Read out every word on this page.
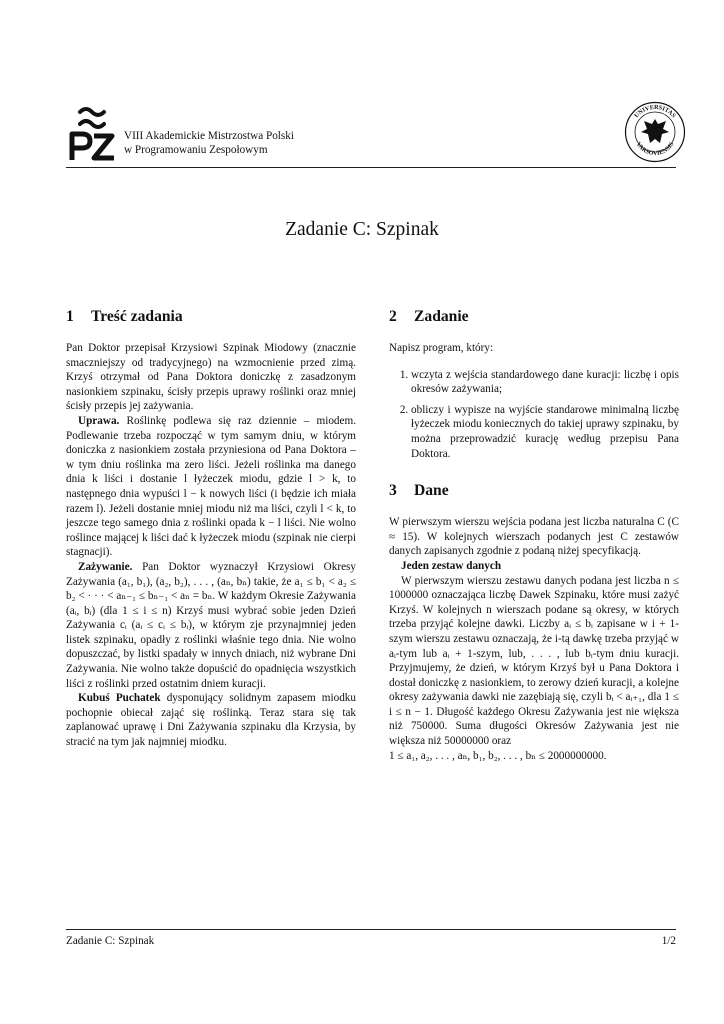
VIII Akademickie Mistrzostwa Polski
w Programowaniu Zespołowym
UNIVERSITAS
VARSOVIENSIS
Zadanie C: Szpinak
1 Treść zadania

Pan Doktor przepisał Krzysiowi Szpinak Miodowy (znacznie smaczniejszy od tradycyjnego) na wzmocnienie przed zimą. Krzyś otrzymał od Pana Doktora doniczkę z zasadzonym nasionkiem szpinaku, ścisły przepis uprawy roślinki oraz mniej ścisły przepis jej zażywania.

Uprawa. Roślinkę podlewa się raz dziennie – miodem. Podlewanie trzeba rozpocząć w tym samym dniu, w którym doniczka z nasionkiem została przyniesiona od Pana Doktora – w tym dniu roślinka ma zero liści. Jeżeli roślinka ma danego dnia k liści i dostanie l łyżeczek miodu, gdzie l > k, to następnego dnia wypuści l − k nowych liści (i będzie ich miała razem l). Jeżeli dostanie mniej miodu niż ma liści, czyli l < k, to jeszcze tego samego dnia z roślinki opada k − l liści. Nie wolno roślince mającej k liści dać k łyżeczek miodu (szpinak nie cierpi stagnacji).

Zażywanie. Pan Doktor wyznaczył Krzysiowi Okresy Zażywania (a₁, b₁), (a₂, b₂), . . . , (aₙ, bₙ) takie, że a₁ ≤ b₁ < a₂ ≤ b₂ < · · · < aₙ₋₁ ≤ bₙ₋₁ < aₙ = bₙ. W każdym Okresie Zażywania (aᵢ, bᵢ) (dla 1 ≤ i ≤ n) Krzyś musi wybrać sobie jeden Dzień Zażywania cᵢ (aᵢ ≤ cᵢ ≤ bᵢ), w którym zje przynajmniej jeden listek szpinaku, opadły z roślinki właśnie tego dnia. Nie wolno dopuszczać, by listki spadały w innych dniach, niż wybrane Dni Zażywania. Nie wolno także dopuścić do opadnięcia wszystkich liści z roślinki przed ostatnim dniem kuracji.

Kubuś Puchatek dysponujący solidnym zapasem miodku pochopnie obiecał zająć się roślinką. Teraz stara się tak zaplanować uprawę i Dni Zażywania szpinaku dla Krzysia, by stracić na tym jak najmniej miodku.

2 Zadanie

Napisz program, który:

1. wczyta z wejścia standardowego dane kuracji: liczbę i opis okresów zażywania;
2. obliczy i wypisze na wyjście standarowe minimalną liczbę łyżeczek miodu koniecznych do takiej uprawy szpinaku, by można przeprowadzić kurację według przepisu Pana Doktora.
3 Dane

W pierwszym wierszu wejścia podana jest liczba naturalna C (C ≈ 15). W kolejnych wierszach podanych jest C zestawów danych zapisanych zgodnie z podaną niżej specyfikacją.

Jeden zestaw danych

W pierwszym wierszu zestawu danych podana jest liczba n ≤ 1000000 oznaczająca liczbę Dawek Szpinaku, które musi zażyć Krzyś. W kolejnych n wierszach podane są okresy, w których trzeba przyjąć kolejne dawki. Liczby aᵢ ≤ bᵢ zapisane w i + 1-szym wierszu zestawu oznaczają, że i-tą dawkę trzeba przyjąć w aᵢ-tym lub aᵢ + 1-szym, lub, . . . , lub bᵢ-tym dniu kuracji. Przyjmujemy, że dzień, w którym Krzyś był u Pana Doktora i dostał doniczkę z nasionkiem, to zerowy dzień kuracji, a kolejne okresy zażywania dawki nie zazębiają się, czyli bᵢ < aᵢ₊₁, dla 1 ≤ i ≤ n − 1. Długość każdego Okresu Zażywania jest nie większa niż 750000. Suma długości Okresów Zażywania jest nie większa niż 50000000 oraz

1 ≤ a₁, a₂, . . . , aₙ, b₁, b₂, . . . , bₙ ≤ 2000000000.

Zadanie C: Szpinak	1/2
